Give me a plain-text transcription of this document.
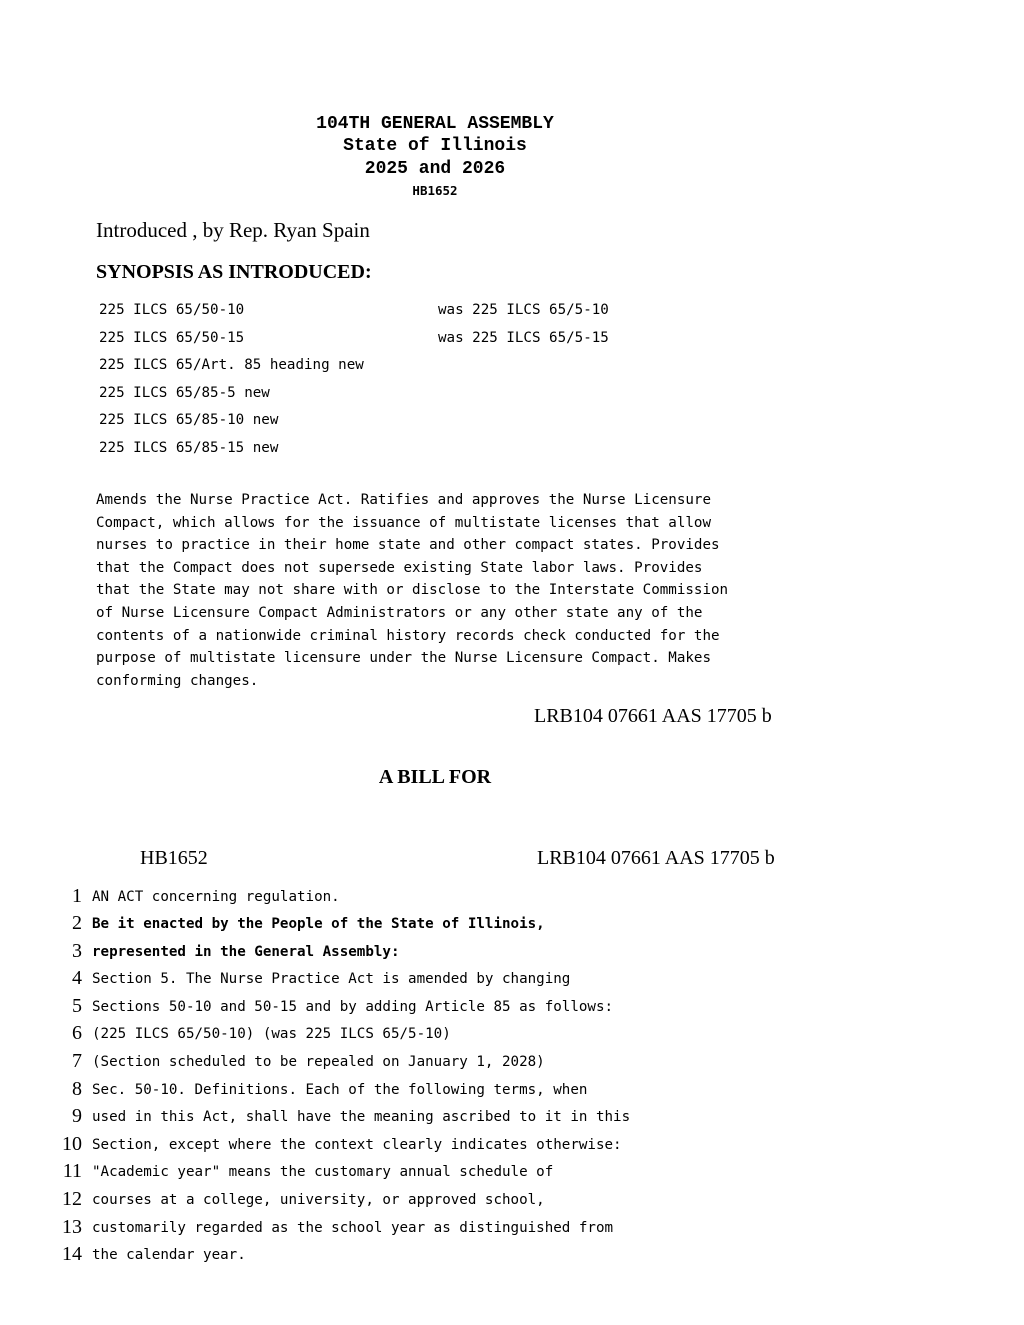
104TH GENERAL ASSEMBLY
State of Illinois
2025 and 2026
HB1652
Introduced , by Rep. Ryan Spain
SYNOPSIS AS INTRODUCED:
225 ILCS 65/50-10	was 225 ILCS 65/5-10
225 ILCS 65/50-15	was 225 ILCS 65/5-15
225 ILCS 65/Art. 85 heading new
225 ILCS 65/85-5 new
225 ILCS 65/85-10 new
225 ILCS 65/85-15 new
Amends the Nurse Practice Act. Ratifies and approves the Nurse Licensure
Compact, which allows for the issuance of multistate licenses that allow
nurses to practice in their home state and other compact states. Provides
that the Compact does not supersede existing State labor laws. Provides
that the State may not share with or disclose to the Interstate Commission
of Nurse Licensure Compact Administrators or any other state any of the
contents of a nationwide criminal history records check conducted for the
purpose of multistate licensure under the Nurse Licensure Compact. Makes
conforming changes.
LRB104 07661 AAS 17705 b
A BILL FOR
HB1652	LRB104 07661 AAS 17705 b
1 AN ACT concerning regulation.
2 Be it enacted by the People of the State of Illinois,
3 represented in the General Assembly:
4 Section 5. The Nurse Practice Act is amended by changing
5 Sections 50-10 and 50-15 and by adding Article 85 as follows:
6 (225 ILCS 65/50-10) (was 225 ILCS 65/5-10)
7 (Section scheduled to be repealed on January 1, 2028)
8 Sec. 50-10. Definitions. Each of the following terms, when
9 used in this Act, shall have the meaning ascribed to it in this
10 Section, except where the context clearly indicates otherwise:
11 "Academic year" means the customary annual schedule of
12 courses at a college, university, or approved school,
13 customarily regarded as the school year as distinguished from
14 the calendar year.
